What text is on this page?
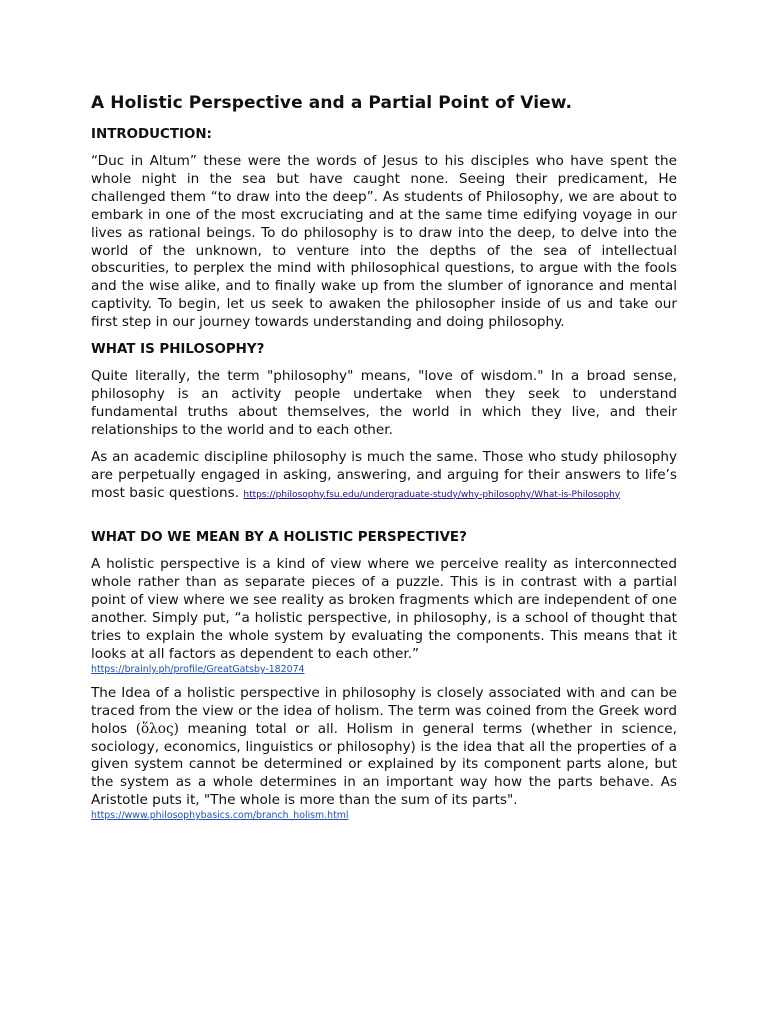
A Holistic Perspective and a Partial Point of View.
INTRODUCTION:

“Duc in Altum” these were the words of Jesus to his disciples who have spent the whole night in the sea but have caught none. Seeing their predicament, He challenged them “to draw into the deep”. As students of Philosophy, we are about to embark in one of the most excruciating and at the same time edifying voyage in our lives as rational beings. To do philosophy is to draw into the deep, to delve into the world of the unknown, to venture into the depths of the sea of intellectual obscurities, to perplex the mind with philosophical questions, to argue with the fools and the wise alike, and to finally wake up from the slumber of ignorance and mental captivity. To begin, let us seek to awaken the philosopher inside of us and take our first step in our journey towards understanding and doing philosophy.

WHAT IS PHILOSOPHY?

Quite literally, the term "philosophy" means, "love of wisdom." In a broad sense, philosophy is an activity people undertake when they seek to understand fundamental truths about themselves, the world in which they live, and their relationships to the world and to each other.

As an academic discipline philosophy is much the same. Those who study philosophy are perpetually engaged in asking, answering, and arguing for their answers to life’s most basic questions. https://philosophy.fsu.edu/undergraduate-study/why-philosophy/What-is-Philosophy

WHAT DO WE MEAN BY A HOLISTIC PERSPECTIVE?

A holistic perspective is a kind of view where we perceive reality as interconnected whole rather than as separate pieces of a puzzle. This is in contrast with a partial point of view where we see reality as broken fragments which are independent of one another. Simply put, “a holistic perspective, in philosophy, is a school of thought that tries to explain the whole system by evaluating the components. This means that it looks at all factors as dependent to each other.”

https://brainly.ph/profile/GreatGatsby-182074

The Idea of a holistic perspective in philosophy is closely associated with and can be traced from the view or the idea of holism. The term was coined from the Greek word holos (ὅλος) meaning total or all. Holism in general terms (whether in science, sociology, economics, linguistics or philosophy) is the idea that all the properties of a given system cannot be determined or explained by its component parts alone, but the system as a whole determines in an important way how the parts behave. As Aristotle puts it, "The whole is more than the sum of its parts".

https://www.philosophybasics.com/branch_holism.html
